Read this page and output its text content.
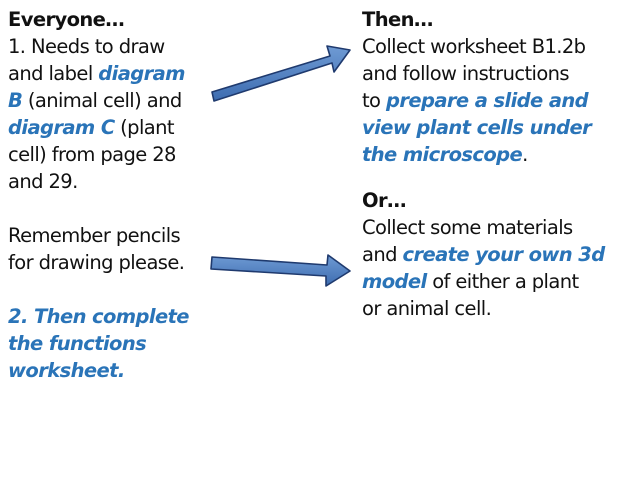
Everyone…
1. Needs to draw
and label diagram
B (animal cell) and
diagram C (plant
cell) from page 28
and 29.
Remember pencils
for drawing please.
2. Then complete
the functions
worksheet.
Then…
Collect worksheet B1.2b
and follow instructions
to prepare a slide and
view plant cells under
the microscope.
Or…
Collect some materials
and create your own 3d
model of either a plant
or animal cell.
